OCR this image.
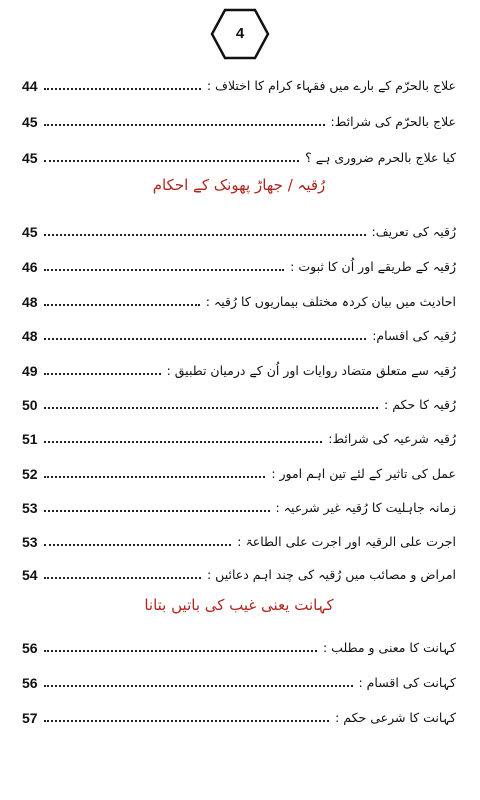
4
44	علاج بالحرّم کے بارے میں فقہاء کرام کا اختلاف :
45	علاج بالحرّم کی شرائط:
45	کیا علاج بالحرم ضروری ہے ؟
رُقیہ / جھاڑ پھونک کے احکام
45	رُقیہ کی تعریف:
46	رُقیہ کے طریقے اور اُن کا ثبوت :
48	احادیث میں بیان کردہ مختلف بیماریوں کا رُقیہ :
48	رُقیہ کی اقسام:
49	رُقیہ سے متعلق متضاد روایات اور اُن کے درمیان تطبیق :
50	رُقیہ کا حکم :
51	رُقیہ شرعیہ کی شرائط:
52	عمل کی تاثیر کے لئے تین اہم امور :
53	زمانہ جاہلیت کا رُقیہ غیر شرعیہ :
53	اجرت علی الرقیہ اور اجرت علی الطاعۃ :
54	امراض و مصائب میں رُقیہ کی چند اہم دعائیں :
کہانت یعنی غیب کی باتیں بتانا
56	کہانت کا معنی و مطلب :
56	کہانت کی اقسام :
57	کہانت کا شرعی حکم :
